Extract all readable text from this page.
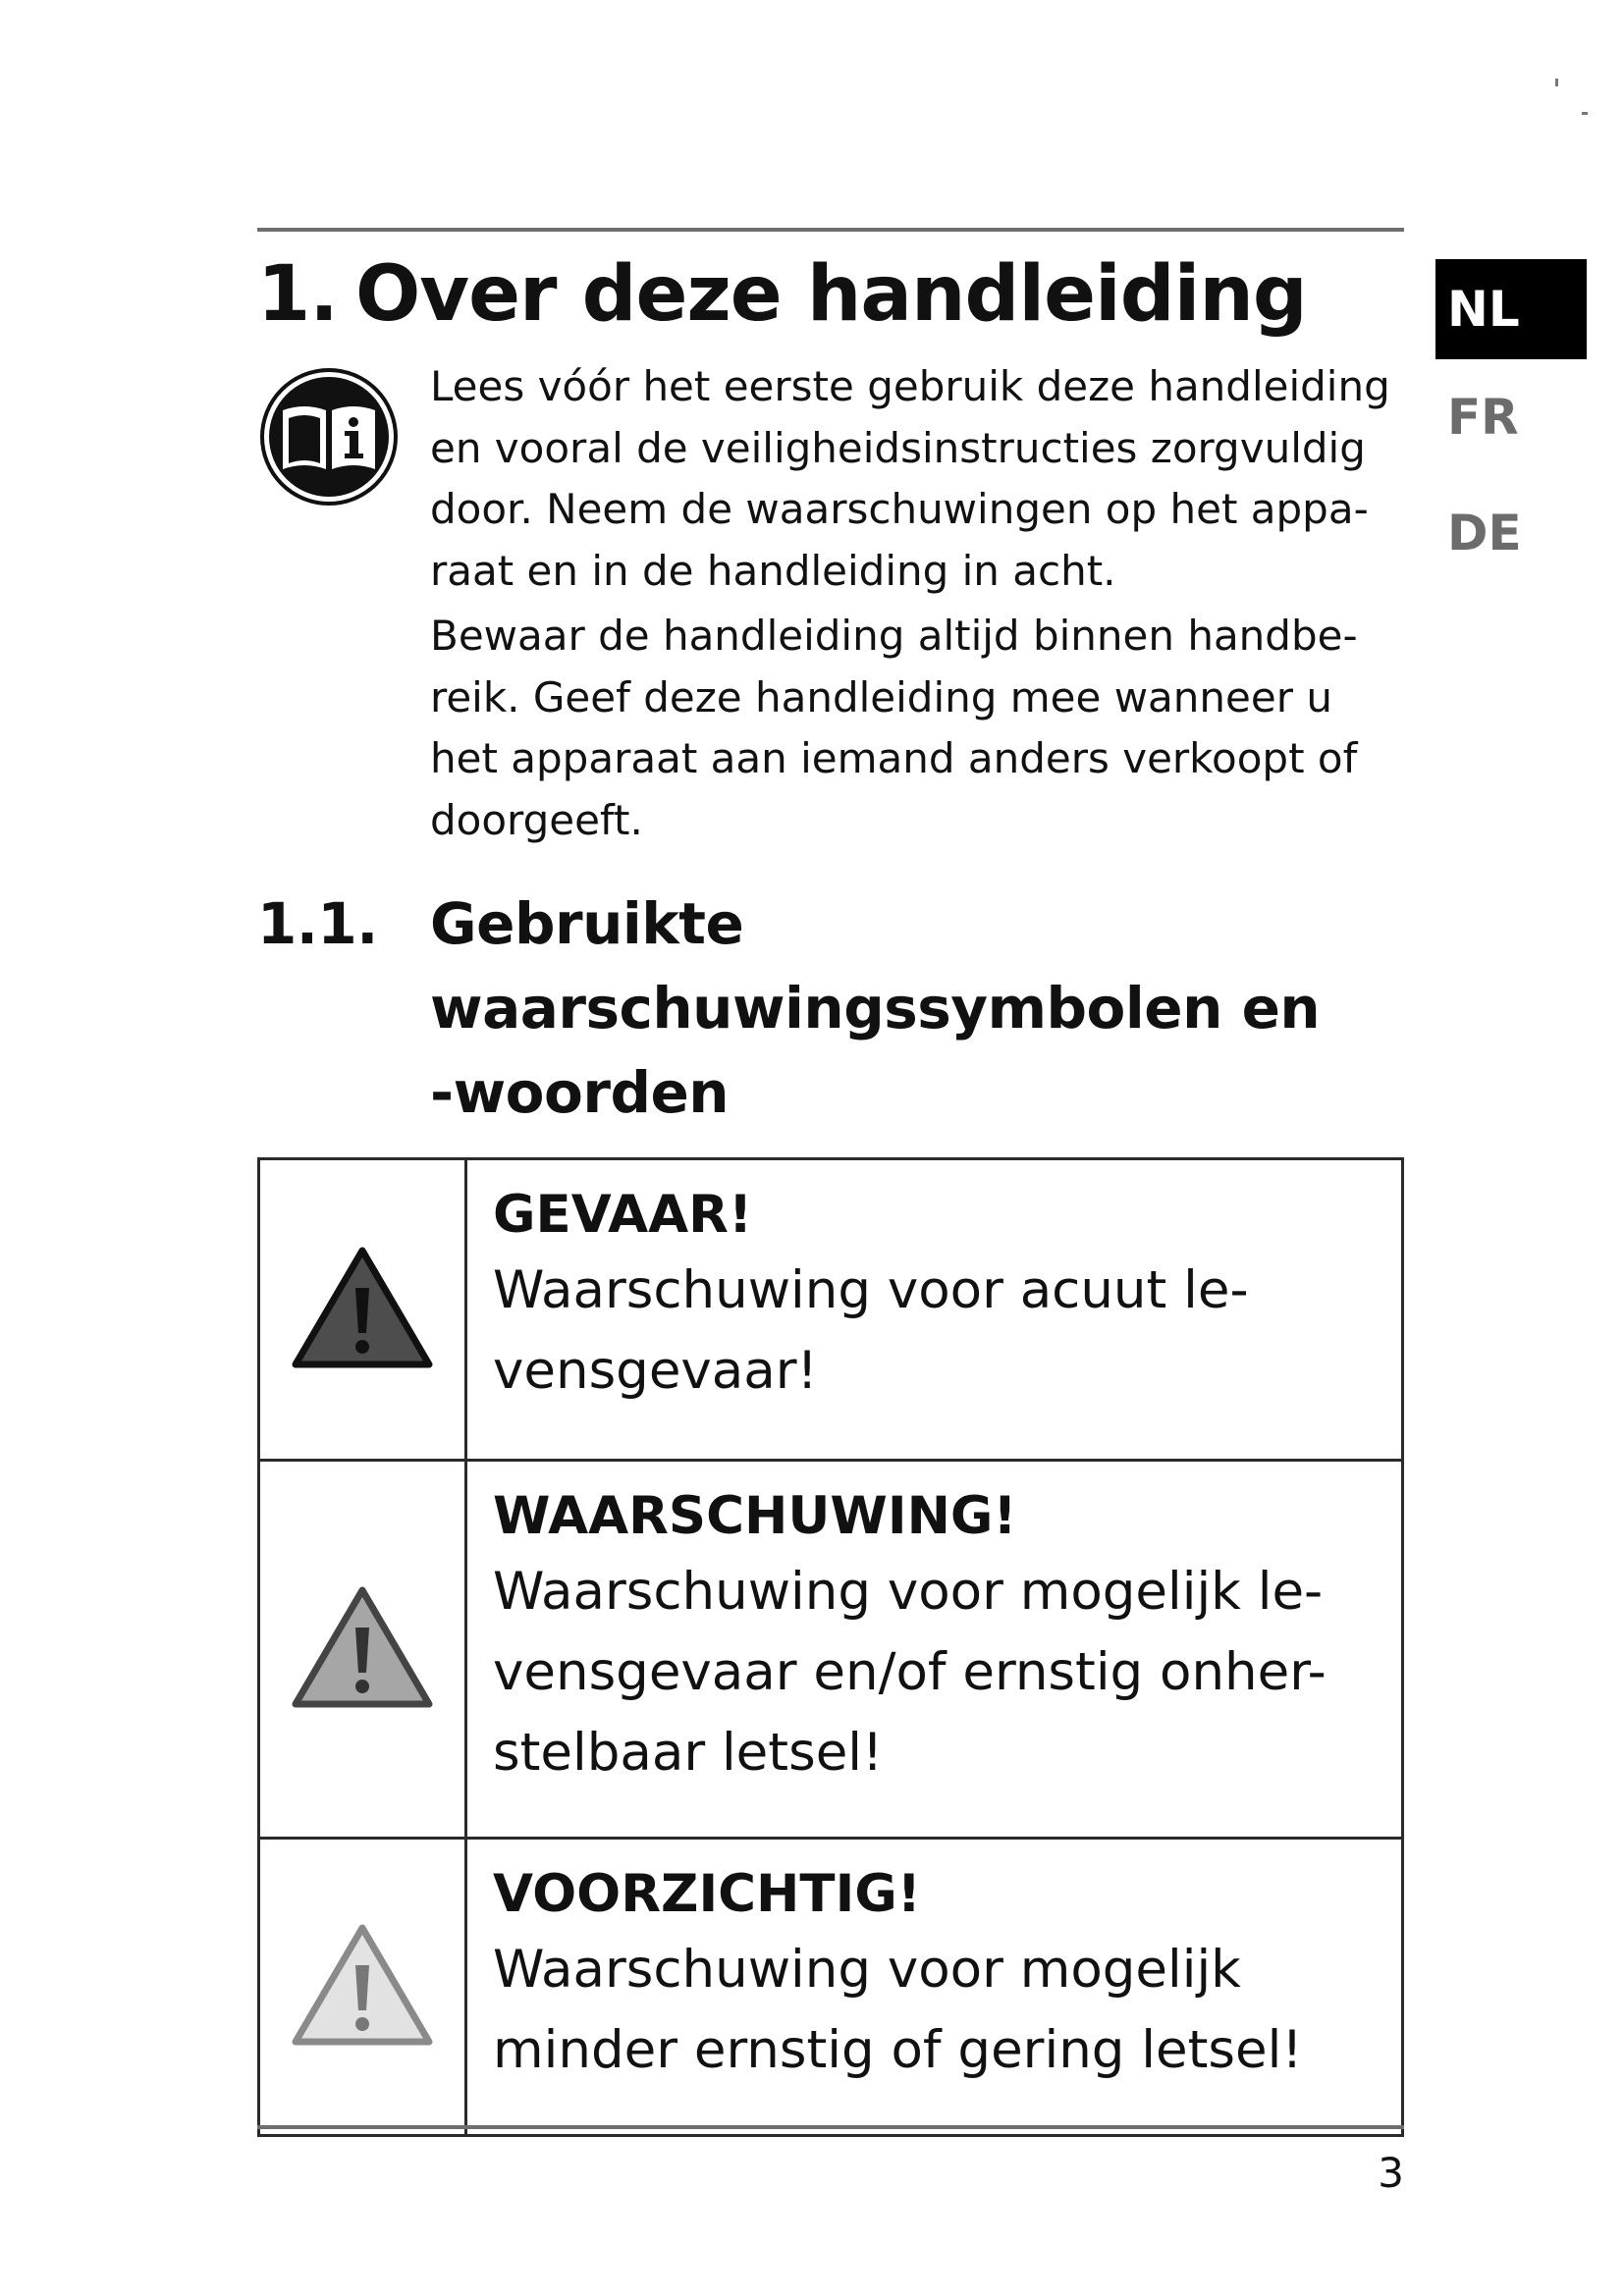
1. Over deze handleiding

Lees vóór het eerste gebruik deze handleiding

en vooral de veiligheidsinstructies zorgvuldig

door. Neem de waarschuwingen op het appa-

raat en in de handleiding in acht.

Bewaar de handleiding altijd binnen handbe-

reik. Geef deze handleiding mee wanneer u

het apparaat aan iemand anders verkoopt of

doorgeeft.

1.1. Gebruikte
waarschuwingssymbolen en
-woorden
NL
FR
DE

GEVAAR!
Waarschuwing voor acuut le-
vensgevaar!

WAARSCHUWING!
Waarschuwing voor mogelijk le-
vensgevaar en/of ernstig onher-
stelbaar letsel!

VOORZICHTIG!
Waarschuwing voor mogelijk
minder ernstig of gering letsel!
3
